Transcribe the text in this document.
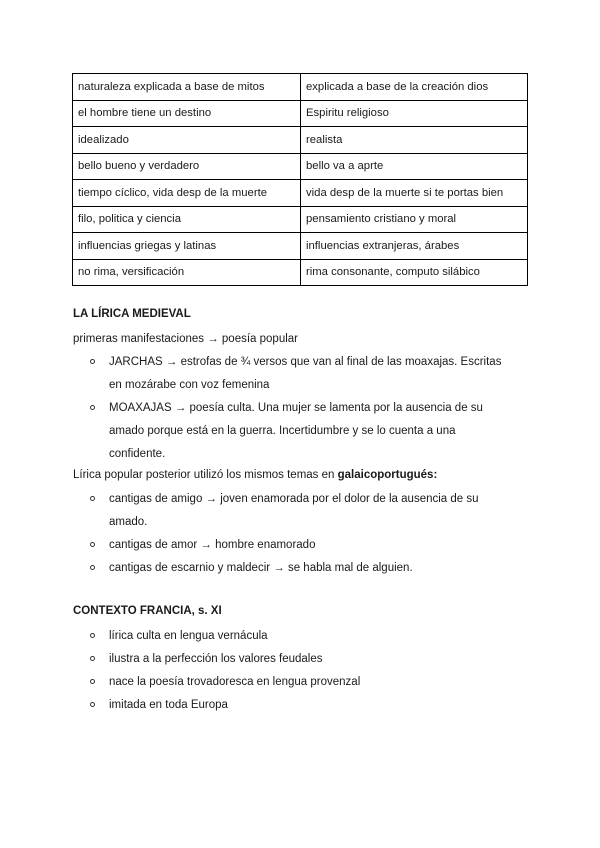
naturaleza explicada a base de mitos	explicada a base de la creación dios
el hombre tiene un destino	Espiritu religioso
idealizado	realista
bello bueno y verdadero	bello va a aprte
tiempo cíclico, vida desp de la muerte	vida desp de la muerte si te portas bien
filo, politica y ciencia	pensamiento cristiano y moral
influencias griegas y latinas	influencias extranjeras, árabes
no rima, versificación	rima consonante, computo silábico
LA LÍRICA MEDIEVAL
primeras manifestaciones → poesía popular
JARCHAS → estrofas de ¾ versos que van al final de las moaxajas. Escritas
en mozárabe con voz femenina
MOAXAJAS → poesía culta. Una mujer se lamenta por la ausencia de su
amado porque está en la guerra. Incertidumbre y se lo cuenta a una
confidente.
Lírica popular posterior utilizó los mismos temas en galaicoportugués:
cantigas de amigo → joven enamorada por el dolor de la ausencia de su
amado.
cantigas de amor → hombre enamorado
cantigas de escarnio y maldecir → se habla mal de alguien.
CONTEXTO FRANCIA, s. XI
lírica culta en lengua vernácula
ilustra a la perfección los valores feudales
nace la poesía trovadoresca en lengua provenzal
imitada en toda Europa
